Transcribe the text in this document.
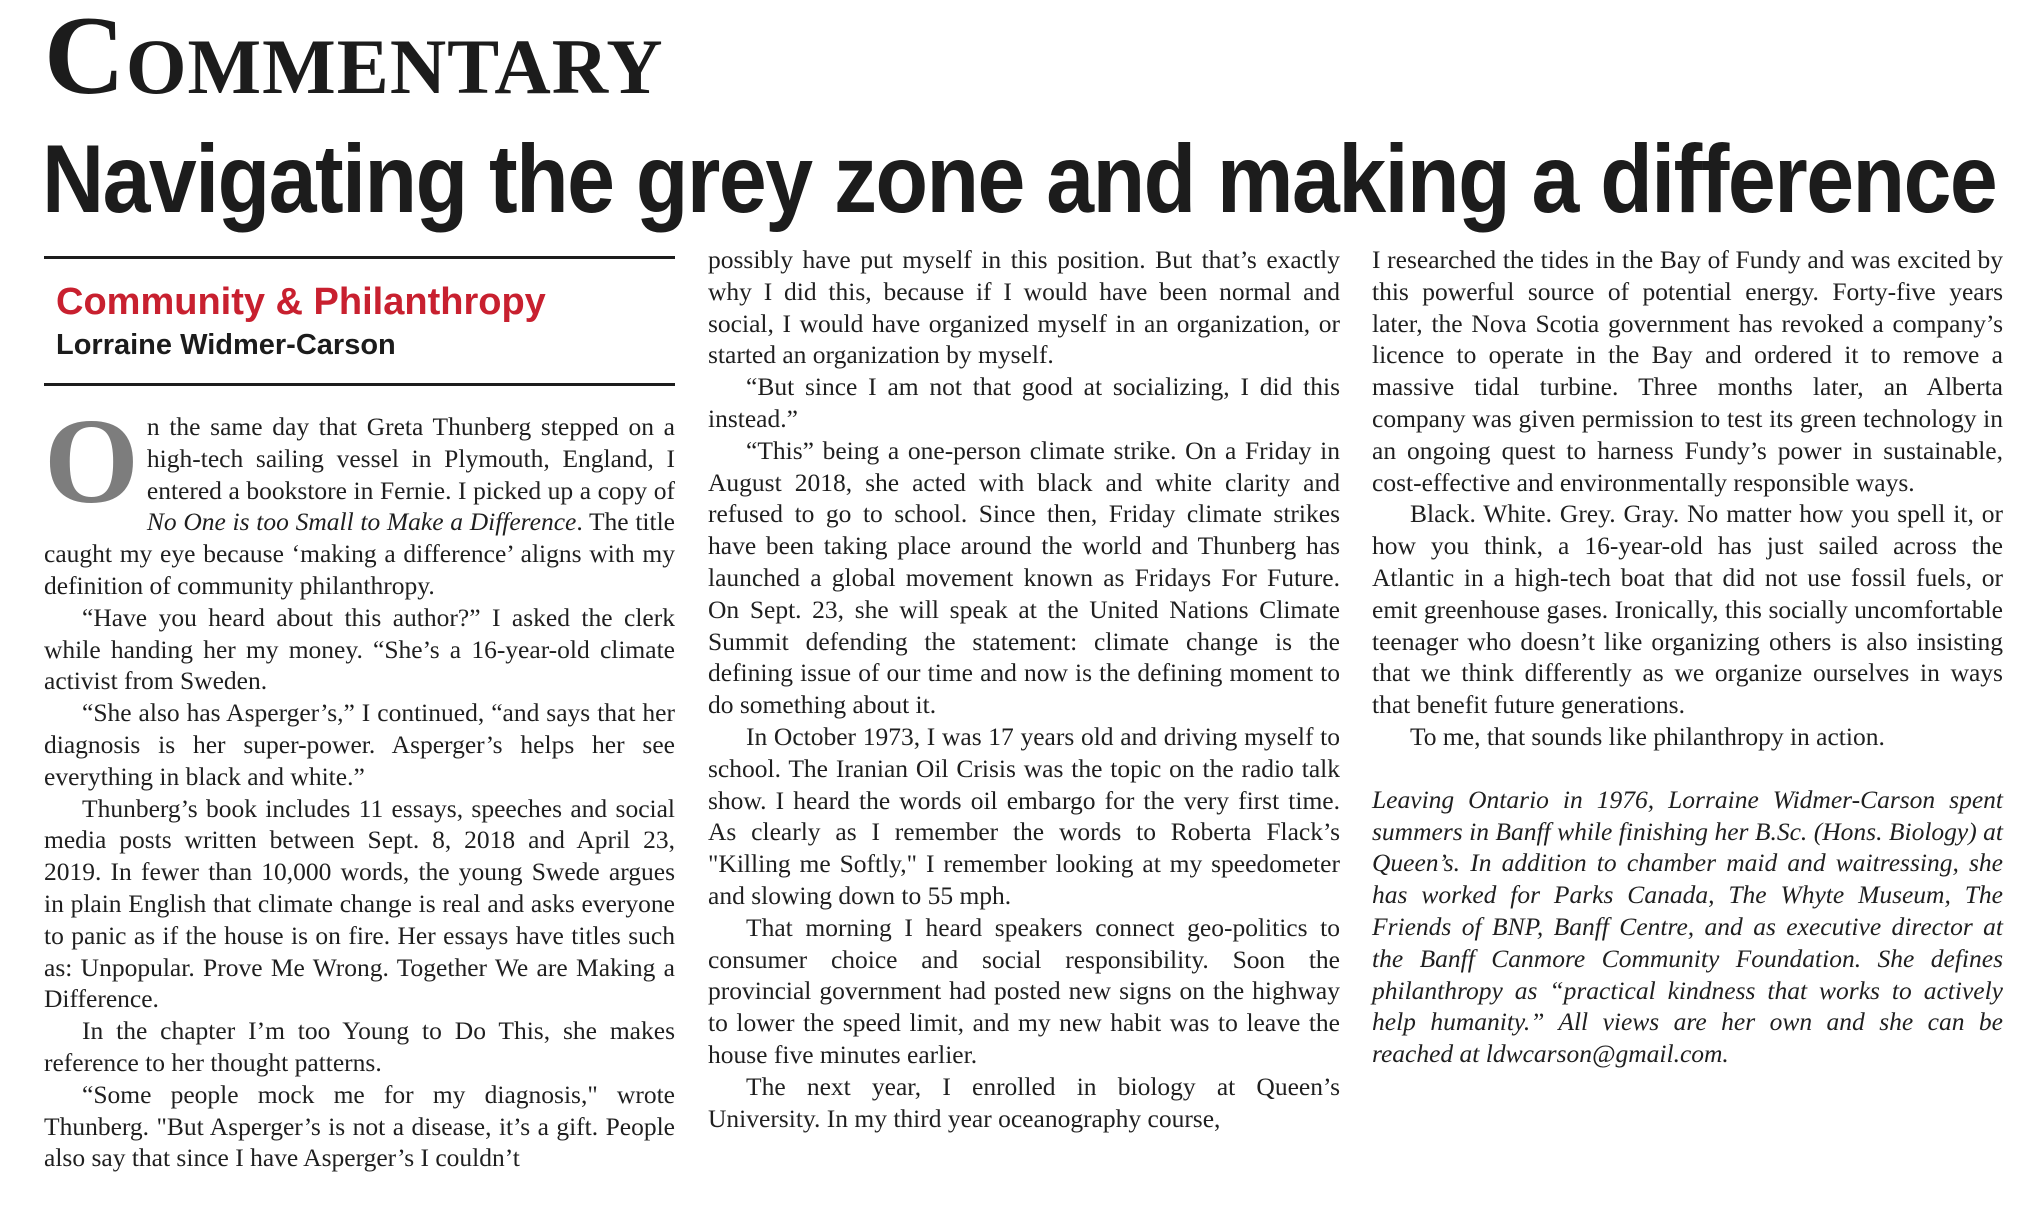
Commentary
Navigating the grey zone and making a difference
Community & Philanthropy
Lorraine Widmer-Carson

On the same day that Greta Thunberg stepped on a high-tech sailing vessel in Plymouth, England, I entered a bookstore in Fernie. I picked up a copy of No One is too Small to Make a Difference. The title caught my eye because ‘making a difference’ aligns with my definition of community philanthropy.

“Have you heard about this author?” I asked the clerk while handing her my money. “She’s a 16-year-old climate activist from Sweden.

“She also has Asperger’s,” I continued, “and says that her diagnosis is her super-power. Asperger’s helps her see everything in black and white.”

Thunberg’s book includes 11 essays, speeches and social media posts written between Sept. 8, 2018 and April 23, 2019. In fewer than 10,000 words, the young Swede argues in plain English that climate change is real and asks everyone to panic as if the house is on fire. Her essays have titles such as: Unpopular. Prove Me Wrong. Together We are Making a Difference.

In the chapter I’m too Young to Do This, she makes reference to her thought patterns.

“Some people mock me for my diagnosis," wrote Thunberg. "But Asperger’s is not a disease, it’s a gift. People also say that since I have Asperger’s I couldn’t

possibly have put myself in this position. But that’s exactly why I did this, because if I would have been normal and social, I would have organized myself in an organization, or started an organization by myself.

“But since I am not that good at socializing, I did this instead.”

“This” being a one-person climate strike. On a Friday in August 2018, she acted with black and white clarity and refused to go to school. Since then, Friday climate strikes have been taking place around the world and Thunberg has launched a global movement known as Fridays For Future. On Sept. 23, she will speak at the United Nations Climate Summit defending the statement: climate change is the defining issue of our time and now is the defining moment to do something about it.

In October 1973, I was 17 years old and driving myself to school. The Iranian Oil Crisis was the topic on the radio talk show. I heard the words oil embargo for the very first time. As clearly as I remember the words to Roberta Flack’s "Killing me Softly," I remember looking at my speedometer and slowing down to 55 mph.

That morning I heard speakers connect geo-politics to consumer choice and social responsibility. Soon the provincial government had posted new signs on the highway to lower the speed limit, and my new habit was to leave the house five minutes earlier.

The next year, I enrolled in biology at Queen’s University. In my third year oceanography course,

I researched the tides in the Bay of Fundy and was excited by this powerful source of potential energy. Forty-five years later, the Nova Scotia government has revoked a company’s licence to operate in the Bay and ordered it to remove a massive tidal turbine. Three months later, an Alberta company was given permission to test its green technology in an ongoing quest to harness Fundy’s power in sustainable, cost-effective and environmentally responsible ways.

Black. White. Grey. Gray. No matter how you spell it, or how you think, a 16-year-old has just sailed across the Atlantic in a high-tech boat that did not use fossil fuels, or emit greenhouse gases. Ironically, this socially uncomfortable teenager who doesn’t like organizing others is also insisting that we think differently as we organize ourselves in ways that benefit future generations.

To me, that sounds like philanthropy in action.

Leaving Ontario in 1976, Lorraine Widmer-Carson spent summers in Banff while finishing her B.Sc. (Hons. Biology) at Queen’s. In addition to chamber maid and waitressing, she has worked for Parks Canada, The Whyte Museum, The Friends of BNP, Banff Centre, and as executive director at the Banff Canmore Community Foundation. She defines philanthropy as “practical kindness that works to actively help humanity.” All views are her own and she can be reached at ldwcarson@gmail.com.
